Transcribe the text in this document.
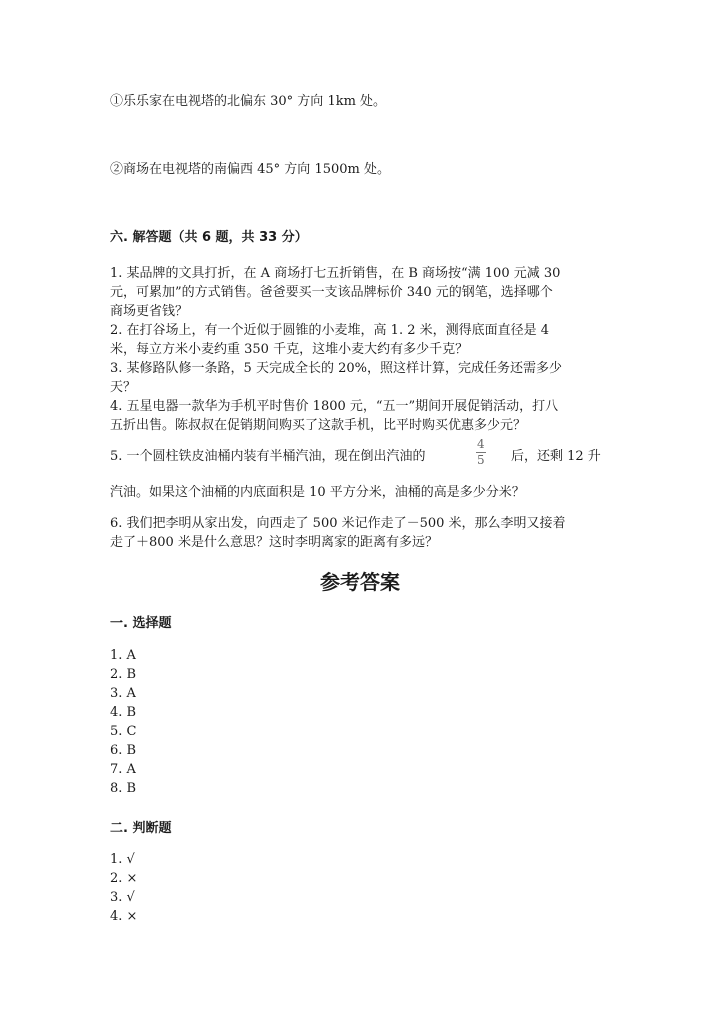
①乐乐家在电视塔的北偏东 30° 方向 1km 处。
②商场在电视塔的南偏西 45° 方向 1500m 处。
六. 解答题（共 6 题，共 33 分）
1. 某品牌的文具打折，在 A 商场打七五折销售，在 B 商场按“满 100 元减 30
元，可累加”的方式销售。爸爸要买一支该品牌标价 340 元的钢笔，选择哪个
商场更省钱？
2. 在打谷场上，有一个近似于圆锥的小麦堆，高 1. 2 米，测得底面直径是 4
米，每立方米小麦约重 350 千克，这堆小麦大约有多少千克？
3. 某修路队修一条路，5 天完成全长的 20%，照这样计算，完成任务还需多少
天？
4. 五星电器一款华为手机平时售价 1800 元，“五一”期间开展促销活动，打八
五折出售。陈叔叔在促销期间购买了这款手机，比平时购买优惠多少元？
5. 一个圆柱铁皮油桶内装有半桶汽油，现在倒出汽油的	$\frac{4}{5}$ 后，还剩 12 升
汽油。如果这个油桶的内底面积是 10 平方分米，油桶的高是多少分米？
6. 我们把李明从家出发，向西走了 500 米记作走了－500 米，那么李明又接着
走了＋800 米是什么意思？这时李明离家的距离有多远？
参考答案
一. 选择题
1. A
2. B
3. A
4. B
5. C
6. B
7. A
8. B
二. 判断题
1. √
2. ×
3. √
4. ×
